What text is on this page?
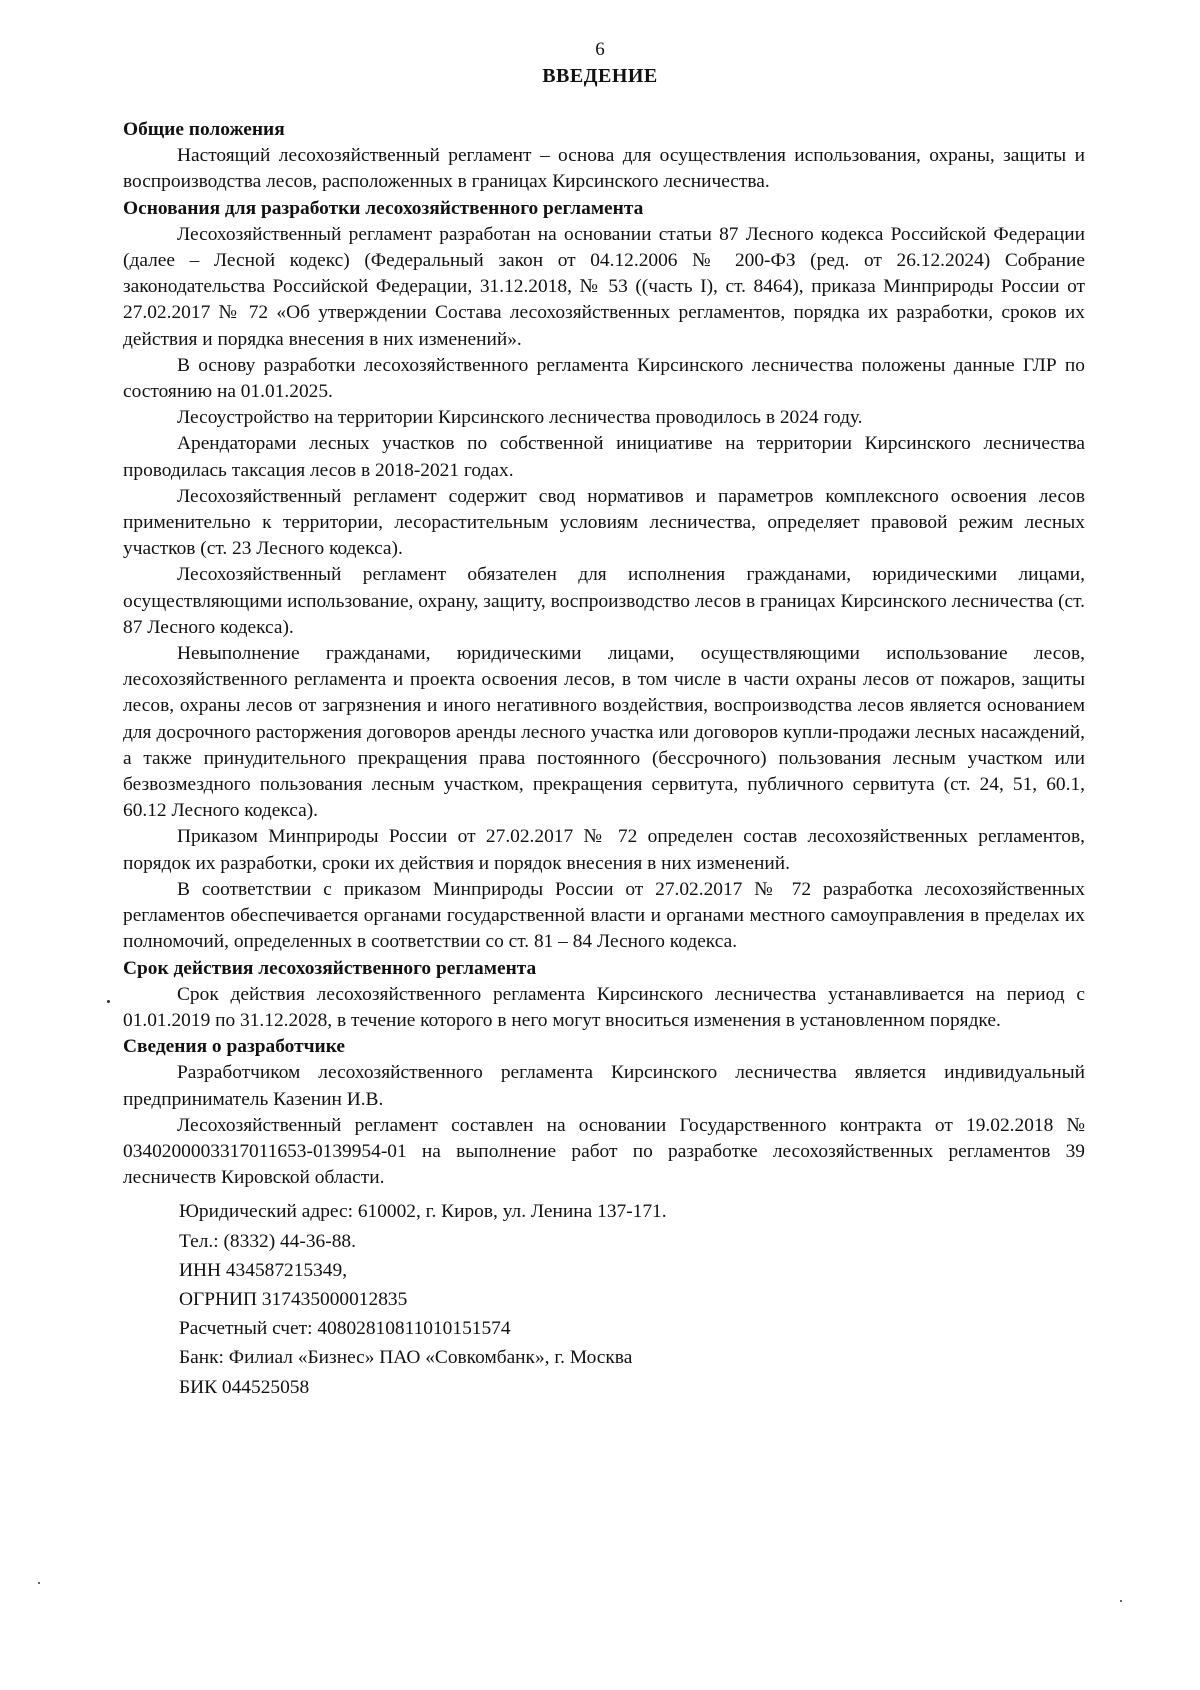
6
ВВЕДЕНИЕ

Общие положения

Настоящий лесохозяйственный регламент – основа для осуществления использования, охраны, защиты и воспроизводства лесов, расположенных в границах Кирсинского лесничества.

Основания для разработки лесохозяйственного регламента

Лесохозяйственный регламент разработан на основании статьи 87 Лесного кодекса Российской Федерации (далее – Лесной кодекс) (Федеральный закон от 04.12.2006 № 200-ФЗ (ред. от 26.12.2024) Собрание законодательства Российской Федерации, 31.12.2018, № 53 ((часть I), ст. 8464), приказа Минприроды России от 27.02.2017 № 72 «Об утверждении Состава лесохозяйственных регламентов, порядка их разработки, сроков их действия и порядка внесения в них изменений».

В основу разработки лесохозяйственного регламента Кирсинского лесничества положены данные ГЛР по состоянию на 01.01.2025.

Лесоустройство на территории Кирсинского лесничества проводилось в 2024 году.

Арендаторами лесных участков по собственной инициативе на территории Кирсинского лесничества проводилась таксация лесов в 2018-2021 годах.

Лесохозяйственный регламент содержит свод нормативов и параметров комплексного освоения лесов применительно к территории, лесорастительным условиям лесничества, определяет правовой режим лесных участков (ст. 23 Лесного кодекса).

Лесохозяйственный регламент обязателен для исполнения гражданами, юридическими лицами, осуществляющими использование, охрану, защиту, воспроизводство лесов в границах Кирсинского лесничества (ст. 87 Лесного кодекса).

Невыполнение гражданами, юридическими лицами, осуществляющими использование лесов, лесохозяйственного регламента и проекта освоения лесов, в том числе в части охраны лесов от пожаров, защиты лесов, охраны лесов от загрязнения и иного негативного воздействия, воспроизводства лесов является основанием для досрочного расторжения договоров аренды лесного участка или договоров купли-продажи лесных насаждений, а также принудительного прекращения права постоянного (бессрочного) пользования лесным участком или безвозмездного пользования лесным участком, прекращения сервитута, публичного сервитута (ст. 24, 51, 60.1, 60.12 Лесного кодекса).

Приказом Минприроды России от 27.02.2017 № 72 определен состав лесохозяйственных регламентов, порядок их разработки, сроки их действия и порядок внесения в них изменений.

В соответствии с приказом Минприроды России от 27.02.2017 № 72 разработка лесохозяйственных регламентов обеспечивается органами государственной власти и органами местного самоуправления в пределах их полномочий, определенных в соответствии со ст. 81 – 84 Лесного кодекса.

Срок действия лесохозяйственного регламента

Срок действия лесохозяйственного регламента Кирсинского лесничества устанавливается на период с 01.01.2019 по 31.12.2028, в течение которого в него могут вноситься изменения в установленном порядке.

Сведения о разработчике

Разработчиком лесохозяйственного регламента Кирсинского лесничества является индивидуальный предприниматель Казенин И.В.

Лесохозяйственный регламент составлен на основании Государственного контракта от 19.02.2018 № 0340200003317011653-0139954-01 на выполнение работ по разработке лесохозяйственных регламентов 39 лесничеств Кировской области.

Юридический адрес: 610002, г. Киров, ул. Ленина 137-171.

Тел.: (8332) 44-36-88.

ИНН 434587215349,

ОГРНИП 317435000012835

Расчетный счет: 40802810811010151574

Банк: Филиал «Бизнес» ПАО «Совкомбанк», г. Москва

БИК 044525058
